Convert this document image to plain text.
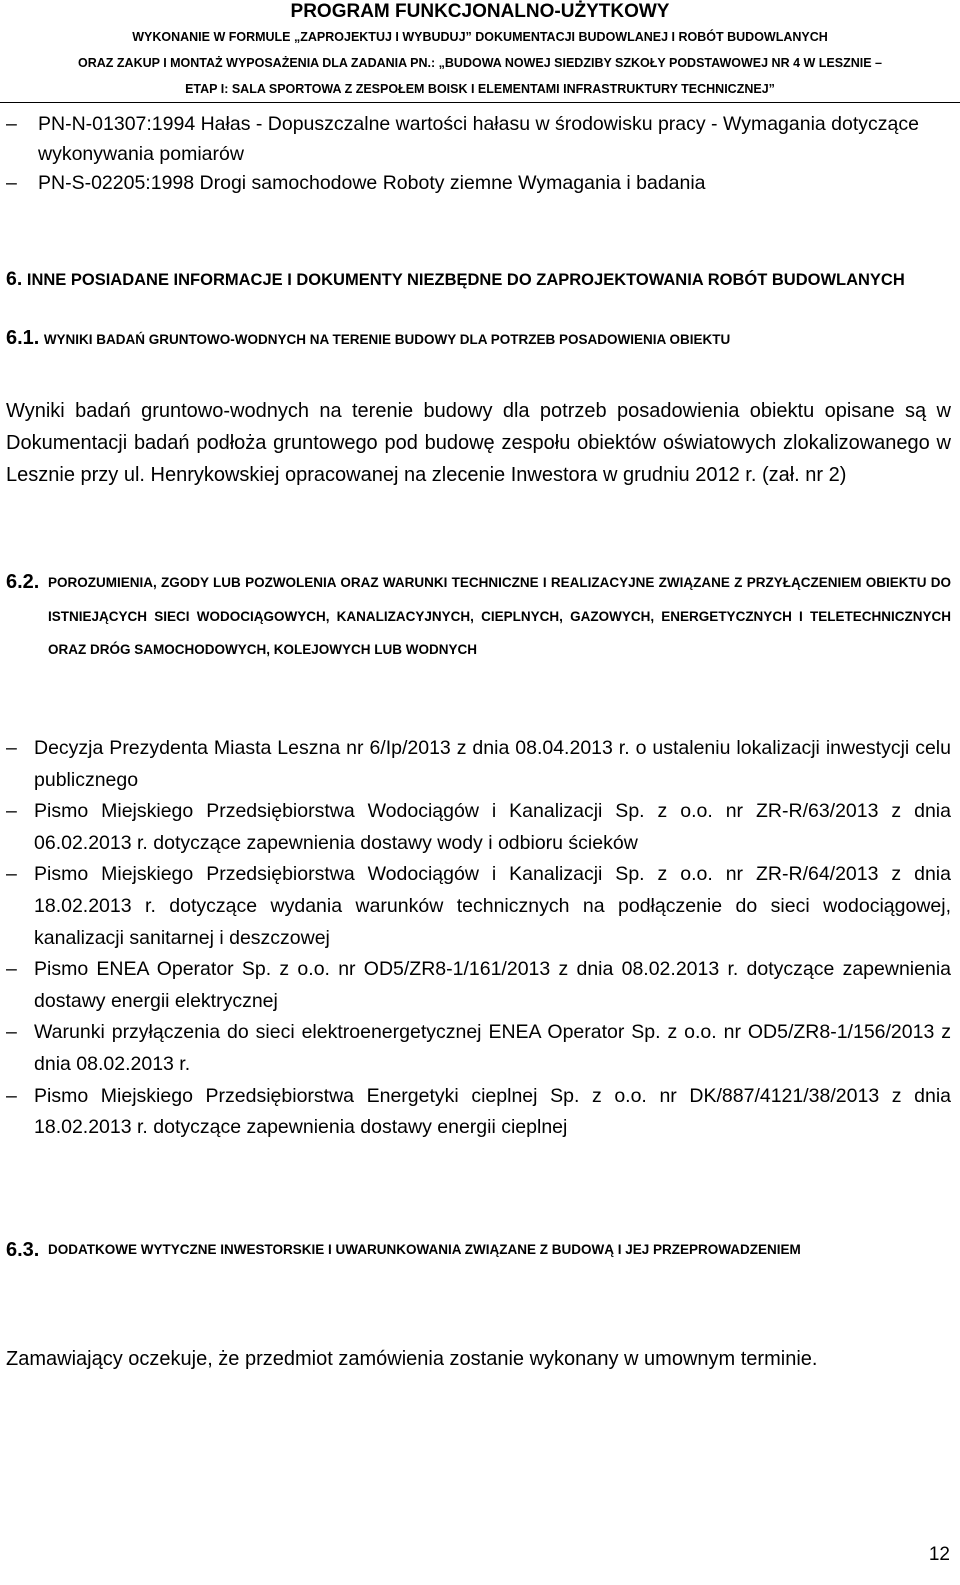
PROGRAM FUNKCJONALNO-UŻYTKOWY
WYKONANIE W FORMULE „ZAPROJEKTUJ I WYBUDUJ” DOKUMENTACJI BUDOWLANEJ I ROBÓT BUDOWLANYCH
ORAZ ZAKUP I MONTAŻ WYPOSAŻENIA DLA ZADANIA PN.: „BUDOWA NOWEJ SIEDZIBY SZKOŁY PODSTAWOWEJ NR 4 W LESZNIE –
ETAP I: SALA SPORTOWA Z ZESPOŁEM BOISK I ELEMENTAMI INFRASTRUKTURY TECHNICZNEJ”
– PN-N-01307:1994 Hałas - Dopuszczalne wartości hałasu w środowisku pracy - Wymagania dotyczące wykonywania pomiarów
– PN-S-02205:1998 Drogi samochodowe Roboty ziemne Wymagania i badania
6. INNE POSIADANE INFORMACJE I DOKUMENTY NIEZBĘDNE DO ZAPROJEKTOWANIA ROBÓT BUDOWLANYCH
6.1. WYNIKI BADAŃ GRUNTOWO-WODNYCH NA TERENIE BUDOWY DLA POTRZEB POSADOWIENIA OBIEKTU
Wyniki badań gruntowo-wodnych na terenie budowy dla potrzeb posadowienia obiektu opisane są w Dokumentacji badań podłoża gruntowego pod budowę zespołu obiektów oświatowych zlokalizowanego w Lesznie przy ul. Henrykowskiej opracowanej na zlecenie Inwestora w grudniu 2012 r. (zał. nr 2)
6.2. POROZUMIENIA, ZGODY LUB POZWOLENIA ORAZ WARUNKI TECHNICZNE I REALIZACYJNE ZWIĄZANE Z PRZYŁĄCZENIEM OBIEKTU DO ISTNIEJĄCYCH SIECI WODOCIĄGOWYCH, KANALIZACYJNYCH, CIEPLNYCH, GAZOWYCH, ENERGETYCZNYCH I TELETECHNICZNYCH ORAZ DRÓG SAMOCHODOWYCH, KOLEJOWYCH LUB WODNYCH
– Decyzja Prezydenta Miasta Leszna nr 6/Ip/2013 z dnia 08.04.2013 r. o ustaleniu lokalizacji inwestycji celu publicznego
– Pismo Miejskiego Przedsiębiorstwa Wodociągów i Kanalizacji Sp. z o.o. nr ZR-R/63/2013 z dnia 06.02.2013 r. dotyczące zapewnienia dostawy wody i odbioru ścieków
– Pismo Miejskiego Przedsiębiorstwa Wodociągów i Kanalizacji Sp. z o.o. nr ZR-R/64/2013 z dnia 18.02.2013 r. dotyczące wydania warunków technicznych na podłączenie do sieci wodociągowej, kanalizacji sanitarnej i deszczowej
– Pismo ENEA Operator Sp. z o.o. nr OD5/ZR8-1/161/2013 z dnia 08.02.2013 r. dotyczące zapewnienia dostawy energii elektrycznej
– Warunki przyłączenia do sieci elektroenergetycznej ENEA Operator Sp. z o.o. nr OD5/ZR8-1/156/2013 z dnia 08.02.2013 r.
– Pismo Miejskiego Przedsiębiorstwa Energetyki cieplnej Sp. z o.o. nr DK/887/4121/38/2013 z dnia 18.02.2013 r. dotyczące zapewnienia dostawy energii cieplnej
6.3. DODATKOWE WYTYCZNE INWESTORSKIE I UWARUNKOWANIA ZWIĄZANE Z BUDOWĄ I JEJ PRZEPROWADZENIEM
Zamawiający oczekuje, że przedmiot zamówienia zostanie wykonany w umownym terminie.
12
